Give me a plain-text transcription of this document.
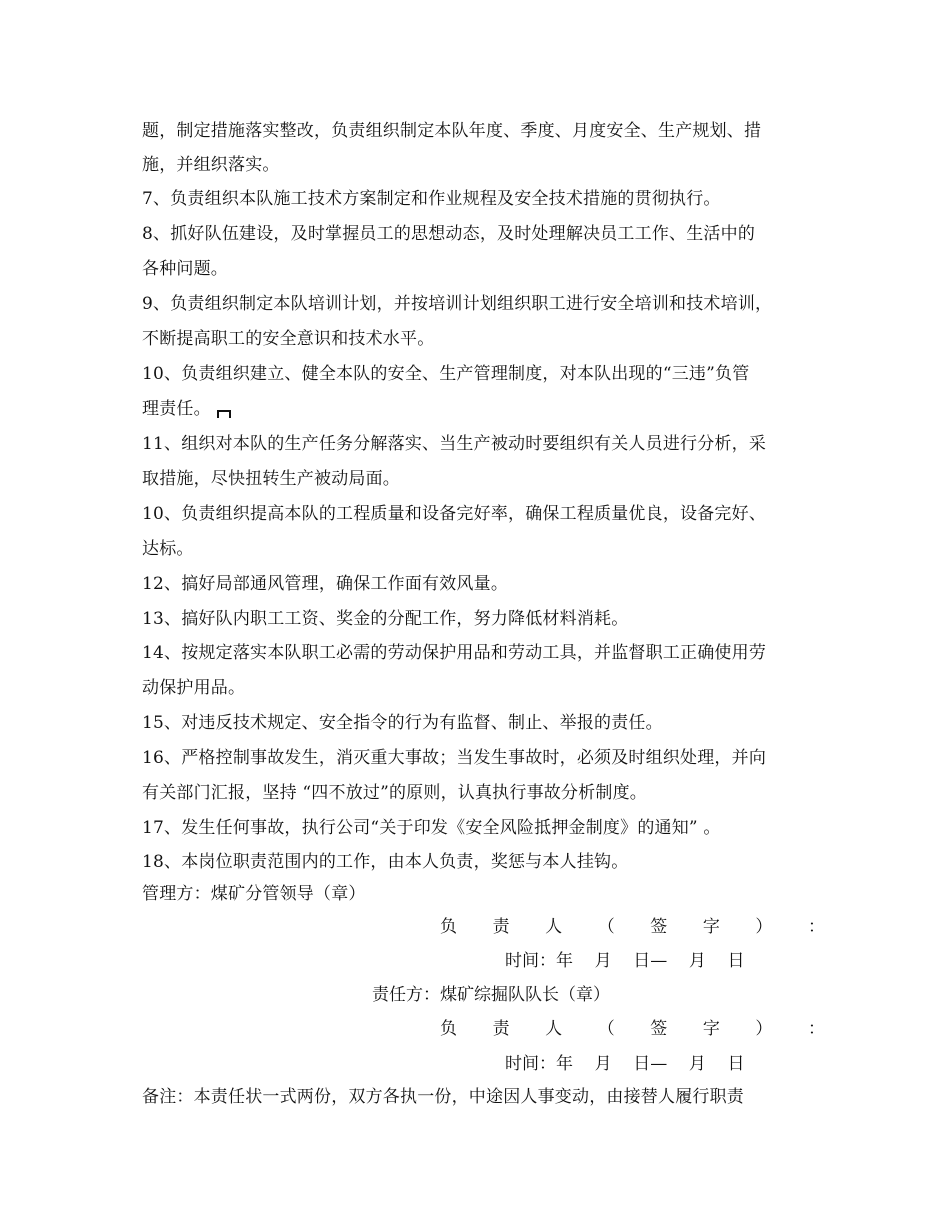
题，制定措施落实整改，负责组织制定本队年度、季度、月度安全、生产规划、措
施，并组织落实。
7、负责组织本队施工技术方案制定和作业规程及安全技术措施的贯彻执行。
8、抓好队伍建设，及时掌握员工的思想动态，及时处理解决员工工作、生活中的
各种问题。
9、负责组织制定本队培训计划，并按培训计划组织职工进行安全培训和技术培训，
不断提高职工的安全意识和技术水平。
10、负责组织建立、健全本队的安全、生产管理制度，对本队出现的“三违”负管
理责任。
11、组织对本队的生产任务分解落实、当生产被动时要组织有关人员进行分析，采
取措施，尽快扭转生产被动局面。
10、负责组织提高本队的工程质量和设备完好率，确保工程质量优良，设备完好、
达标。
12、搞好局部通风管理，确保工作面有效风量。
13、搞好队内职工工资、奖金的分配工作，努力降低材料消耗。
14、按规定落实本队职工必需的劳动保护用品和劳动工具，并监督职工正确使用劳
动保护用品。
15、对违反技术规定、安全指令的行为有监督、制止、举报的责任。
16、严格控制事故发生，消灭重大事故；当发生事故时，必须及时组织处理，并向
有关部门汇报，坚持 “四不放过”的原则，认真执行事故分析制度。
17、发生任何事故，执行公司“关于印发《安全风险抵押金制度》的通知” 。
18、本岗位职责范围内的工作，由本人负责，奖惩与本人挂钩。
管理方：煤矿分管领导（章）
负 责 人 （ 签 字 ） ：
时间：年    月    日—    月    日
责任方：煤矿综掘队队长（章）
负 责 人 （ 签 字 ） ：
时间：年    月    日—    月    日
备注：本责任状一式两份，双方各执一份，中途因人事变动，由接替人履行职责
